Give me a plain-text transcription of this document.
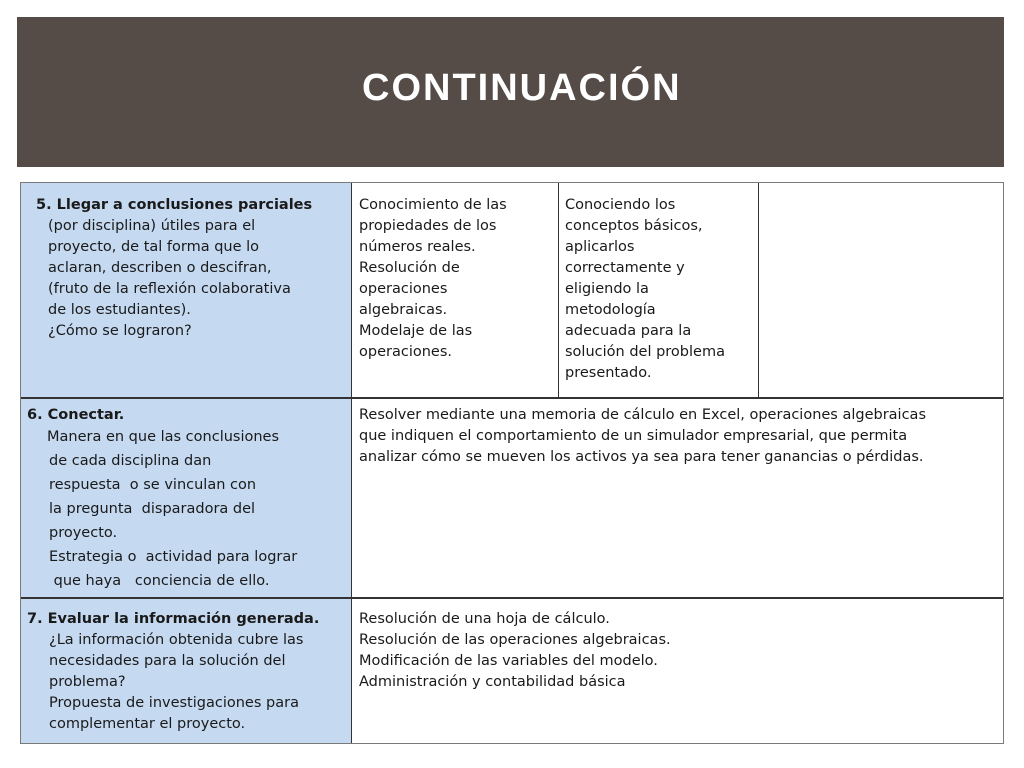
CONTINUACIÓN
5. Llegar a conclusiones parciales
(por disciplina) útiles para el
proyecto, de tal forma que lo
aclaran, describen o descifran,
(fruto de la reflexión colaborativa
de los estudiantes).
¿Cómo se lograron?
Conocimiento de las
propiedades de los
números reales.
Resolución de
operaciones
algebraicas.
Modelaje de las
operaciones.
Conociendo los
conceptos básicos,
aplicarlos
correctamente y
eligiendo la
metodología
adecuada para la
solución del problema
presentado.
6. Conectar.
Manera en que las conclusiones
de cada disciplina dan
respuesta  o se vinculan con
la pregunta  disparadora del
proyecto.
Estrategia o  actividad para lograr
que haya   conciencia de ello.
Resolver mediante una memoria de cálculo en Excel, operaciones algebraicas
que indiquen el comportamiento de un simulador empresarial, que permita
analizar cómo se mueven los activos ya sea para tener ganancias o pérdidas.
7. Evaluar la información generada.
¿La información obtenida cubre las
necesidades para la solución del
problema?
Propuesta de investigaciones para
complementar el proyecto.
Resolución de una hoja de cálculo.
Resolución de las operaciones algebraicas.
Modificación de las variables del modelo.
Administración y contabilidad básica
